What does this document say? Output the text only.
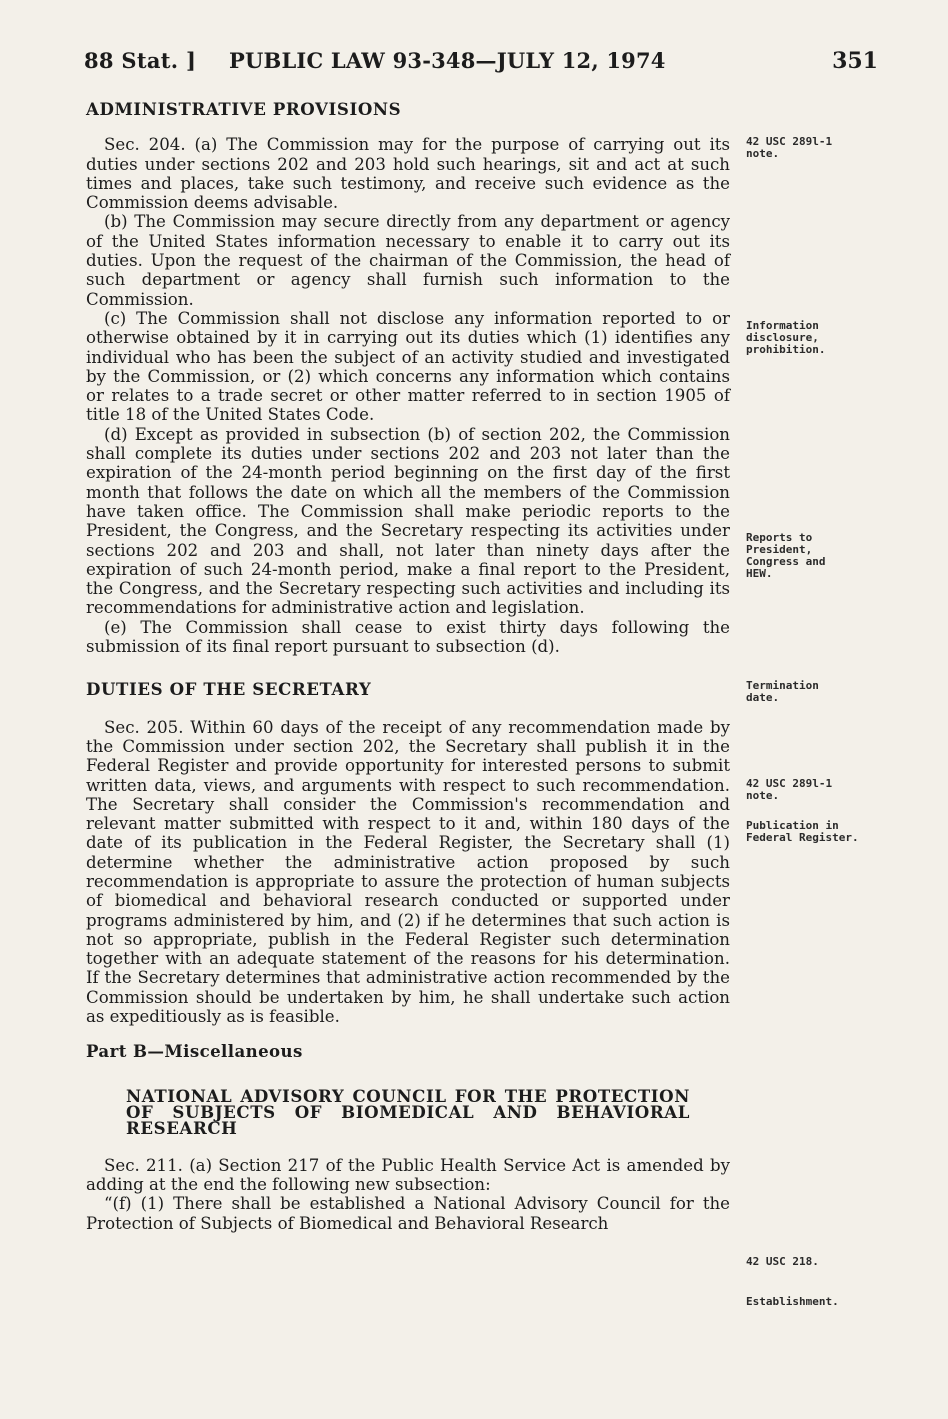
88 Stat. ] PUBLIC LAW 93-348—JULY 12, 1974	351

ADMINISTRATIVE PROVISIONS

Sec. 204. (a) The Commission may for the purpose of carrying out its duties under sections 202 and 203 hold such hearings, sit and act at such times and places, take such testimony, and receive such evidence as the Commission deems advisable.

(b) The Commission may secure directly from any department or agency of the United States information necessary to enable it to carry out its duties. Upon the request of the chairman of the Commission, the head of such department or agency shall furnish such information to the Commission.

(c) The Commission shall not disclose any information reported to or otherwise obtained by it in carrying out its duties which (1) identifies any individual who has been the subject of an activity studied and investigated by the Commission, or (2) which concerns any information which contains or relates to a trade secret or other matter referred to in section 1905 of title 18 of the United States Code.

(d) Except as provided in subsection (b) of section 202, the Commission shall complete its duties under sections 202 and 203 not later than the expiration of the 24-month period beginning on the first day of the first month that follows the date on which all the members of the Commission have taken office. The Commission shall make periodic reports to the President, the Congress, and the Secretary respecting its activities under sections 202 and 203 and shall, not later than ninety days after the expiration of such 24-month period, make a final report to the President, the Congress, and the Secretary respecting such activities and including its recommendations for administrative action and legislation.

(e) The Commission shall cease to exist thirty days following the submission of its final report pursuant to subsection (d).

DUTIES OF THE SECRETARY

Sec. 205. Within 60 days of the receipt of any recommendation made by the Commission under section 202, the Secretary shall publish it in the Federal Register and provide opportunity for interested persons to submit written data, views, and arguments with respect to such recommendation. The Secretary shall consider the Commission's recommendation and relevant matter submitted with respect to it and, within 180 days of the date of its publication in the Federal Register, the Secretary shall (1) determine whether the administrative action proposed by such recommendation is appropriate to assure the protection of human subjects of biomedical and behavioral research conducted or supported under programs administered by him, and (2) if he determines that such action is not so appropriate, publish in the Federal Register such determination together with an adequate statement of the reasons for his determination. If the Secretary determines that administrative action recommended by the Commission should be undertaken by him, he shall undertake such action as expeditiously as is feasible.

Part B—Miscellaneous

NATIONAL ADVISORY COUNCIL FOR THE PROTECTION OF SUBJECTS OF BIOMEDICAL AND BEHAVIORAL RESEARCH

Sec. 211. (a) Section 217 of the Public Health Service Act is amended by adding at the end the following new subsection:

“(f) (1) There shall be established a National Advisory Council for the Protection of Subjects of Biomedical and Behavioral Research

42 USC 289l-1 note.
Information disclosure, prohibition.
Reports to President, Congress and HEW.
Termination date.
42 USC 289l-1 note.
Publication in Federal Register.
42 USC 218.
Establishment.
